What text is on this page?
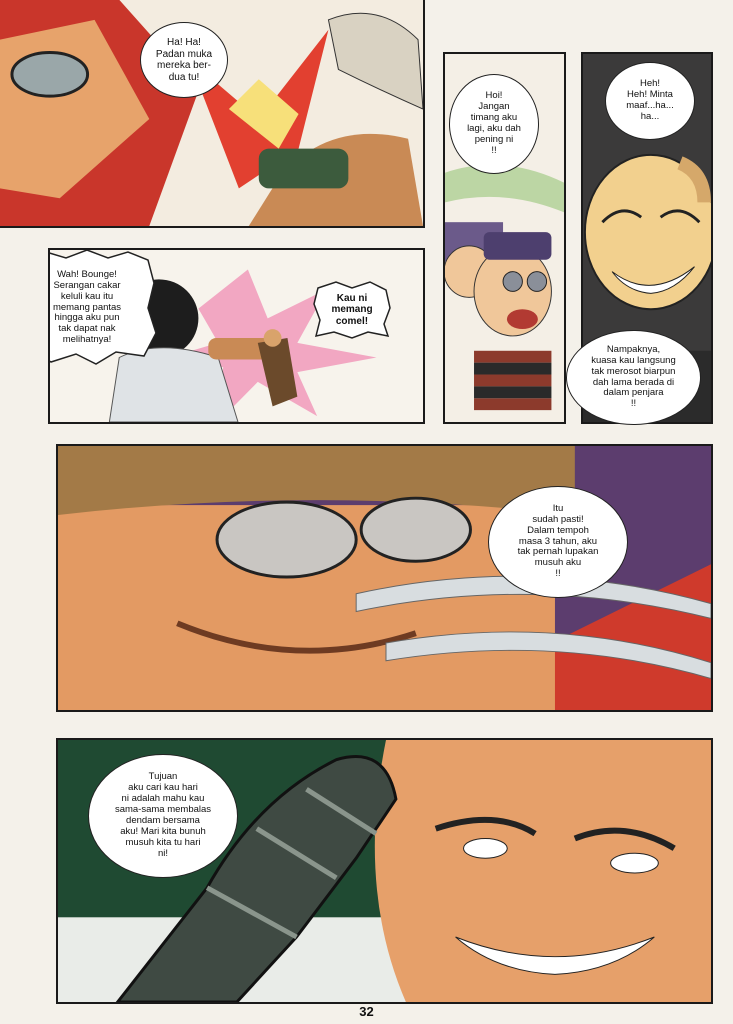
Ha! Ha!
Padan muka
mereka ber-
dua tu!
Wah! Bounge!
Serangan cakar
keluli kau itu
memang pantas
hingga aku pun
tak dapat nak
melihatnya!
Kau ni
memang
comel!
Hoi!
Jangan
timang aku
lagi, aku dah
pening ni
!!
Heh!
Heh! Minta
maaf...ha...
ha...
Nampaknya,
kuasa kau langsung
tak merosot biarpun
dah lama berada di
dalam penjara
!!
Itu
sudah pasti!
Dalam tempoh
masa 3 tahun, aku
tak pernah lupakan
musuh aku
!!
Tujuan
aku cari kau hari
ni adalah mahu kau
sama-sama membalas
dendam bersama
aku! Mari kita bunuh
musuh kita tu hari
ni!
32
